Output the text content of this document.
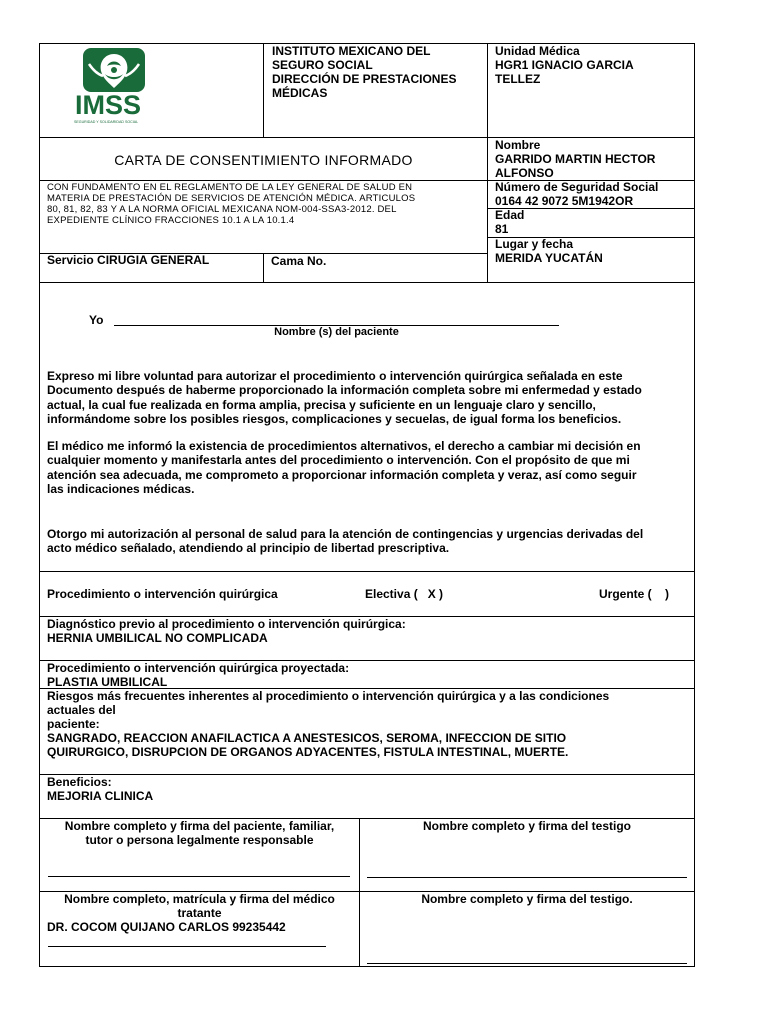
IMSS
SEGURIDAD Y SOLIDARIDAD SOCIAL
INSTITUTO MEXICANO DEL
SEGURO SOCIAL
DIRECCIÓN DE PRESTACIONES
MÉDICAS
Unidad Médica
HGR1 IGNACIO GARCIA
TELLEZ
CARTA DE CONSENTIMIENTO INFORMADO
Nombre
GARRIDO MARTIN HECTOR
ALFONSO
CON FUNDAMENTO EN EL REGLAMENTO DE LA LEY GENERAL DE SALUD EN
MATERIA DE PRESTACIÓN DE SERVICIOS DE ATENCIÓN MÉDICA. ARTICULOS
80, 81, 82, 83 Y A LA NORMA OFICIAL MEXICANA NOM-004-SSA3-2012. DEL
EXPEDIENTE CLÍNICO FRACCIONES 10.1 A LA 10.1.4
Número de Seguridad Social
0164 42 9072 5M1942OR
Edad
81
Lugar y fecha
MERIDA YUCATÁN
Servicio CIRUGIA GENERAL	Cama No.
Yo
Nombre (s) del paciente
Expreso mi libre voluntad para autorizar el procedimiento o intervención quirúrgica señalada en este
Documento después de haberme proporcionado la información completa sobre mi enfermedad y estado
actual, la cual fue realizada en forma amplia, precisa y suficiente en un lenguaje claro y sencillo,
informándome sobre los posibles riesgos, complicaciones y secuelas, de igual forma los beneficios.
El médico me informó la existencia de procedimientos alternativos, el derecho a cambiar mi decisión en
cualquier momento y manifestarla antes del procedimiento o intervención. Con el propósito de que mi
atención sea adecuada, me comprometo a proporcionar información completa y veraz, así como seguir
las indicaciones médicas.
Otorgo mi autorización al personal de salud para la atención de contingencias y urgencias derivadas del
acto médico señalado, atendiendo al principio de libertad prescriptiva.
Procedimiento o intervención quirúrgica	Electiva (   X )	Urgente (    )
Diagnóstico previo al procedimiento o intervención quirúrgica:
HERNIA UMBILICAL NO COMPLICADA
Procedimiento o intervención quirúrgica proyectada:
PLASTIA UMBILICAL
Riesgos más frecuentes inherentes al procedimiento o intervención quirúrgica y a las condiciones
actuales del
paciente:
SANGRADO, REACCION ANAFILACTICA A ANESTESICOS, SEROMA, INFECCION DE SITIO
QUIRURGICO, DISRUPCION DE ORGANOS ADYACENTES, FISTULA INTESTINAL, MUERTE.
Beneficios:
MEJORIA CLINICA
Nombre completo y firma del paciente, familiar,
tutor o persona legalmente responsable
Nombre completo y firma del testigo
Nombre completo, matrícula y firma del médico
tratante
DR. COCOM QUIJANO CARLOS 99235442
Nombre completo y firma del testigo.
